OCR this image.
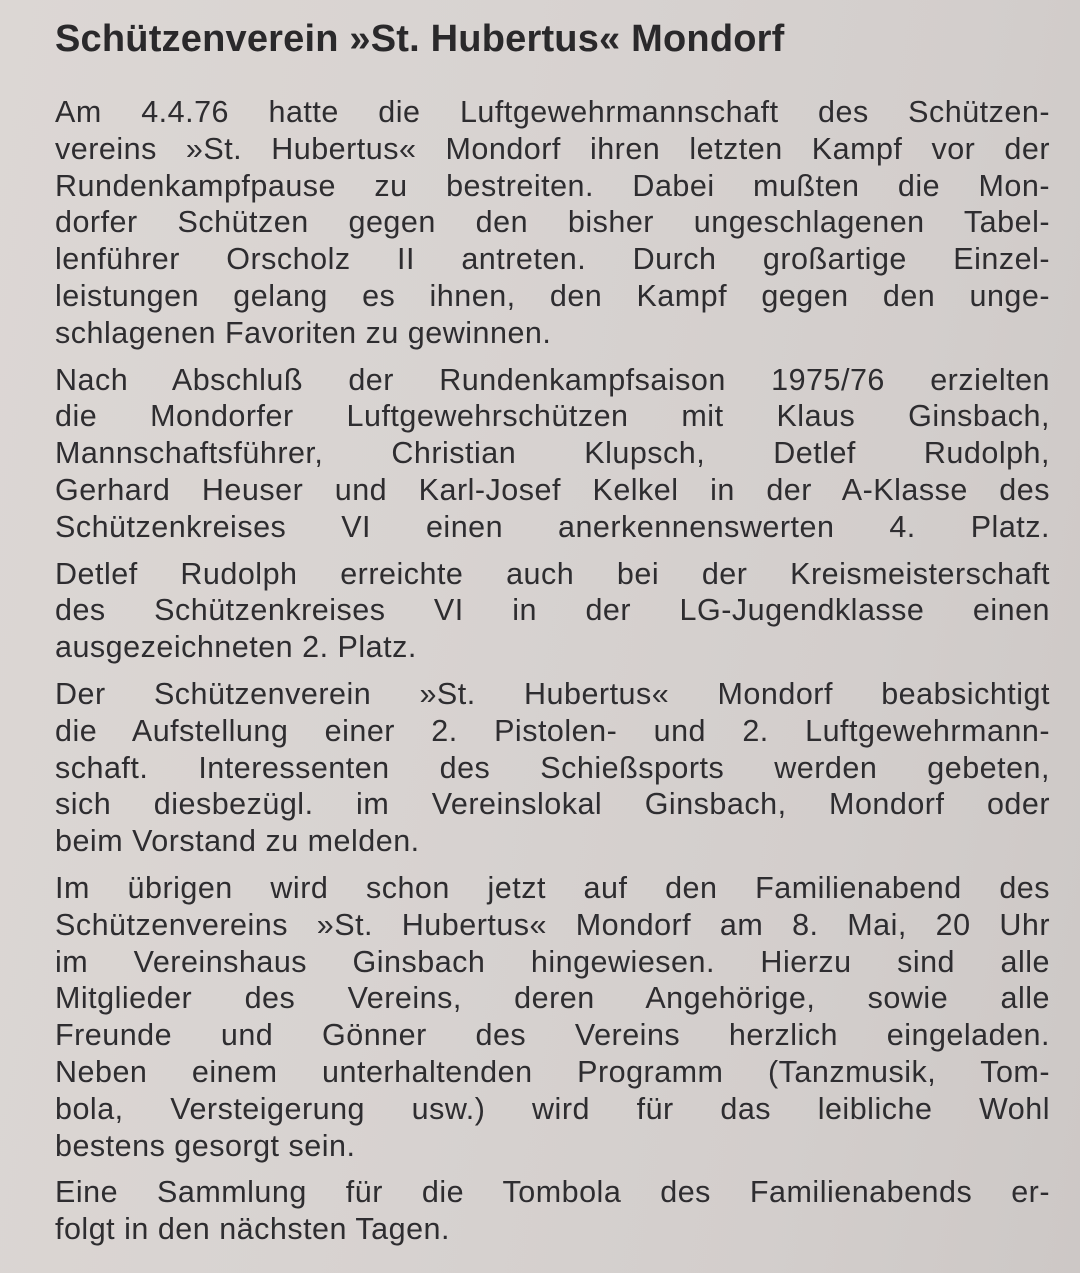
Schützenverein »St. Hubertus« Mondorf
Am 4.4.76 hatte die Luftgewehrmannschaft des Schützen-
vereins »St. Hubertus« Mondorf ihren letzten Kampf vor der
Rundenkampfpause zu bestreiten. Dabei mußten die Mon-
dorfer Schützen gegen den bisher ungeschlagenen Tabel-
lenführer Orscholz II antreten. Durch großartige Einzel-
leistungen gelang es ihnen, den Kampf gegen den unge-
schlagenen Favoriten zu gewinnen.
Nach Abschluß der Rundenkampfsaison 1975/76 erzielten
die Mondorfer Luftgewehrschützen mit Klaus Ginsbach,
Mannschaftsführer, Christian Klupsch, Detlef Rudolph,
Gerhard Heuser und Karl-Josef Kelkel in der A-Klasse des
Schützenkreises VI einen anerkennenswerten 4. Platz.
Detlef Rudolph erreichte auch bei der Kreismeisterschaft
des Schützenkreises VI in der LG-Jugendklasse einen
ausgezeichneten 2. Platz.
Der Schützenverein »St. Hubertus« Mondorf beabsichtigt
die Aufstellung einer 2. Pistolen- und 2. Luftgewehrmann-
schaft. Interessenten des Schießsports werden gebeten,
sich diesbezügl. im Vereinslokal Ginsbach, Mondorf oder
beim Vorstand zu melden.
Im übrigen wird schon jetzt auf den Familienabend des
Schützenvereins »St. Hubertus« Mondorf am 8. Mai, 20 Uhr
im Vereinshaus Ginsbach hingewiesen. Hierzu sind alle
Mitglieder des Vereins, deren Angehörige, sowie alle
Freunde und Gönner des Vereins herzlich eingeladen.
Neben einem unterhaltenden Programm (Tanzmusik, Tom-
bola, Versteigerung usw.) wird für das leibliche Wohl
bestens gesorgt sein.
Eine Sammlung für die Tombola des Familienabends er-
folgt in den nächsten Tagen.
